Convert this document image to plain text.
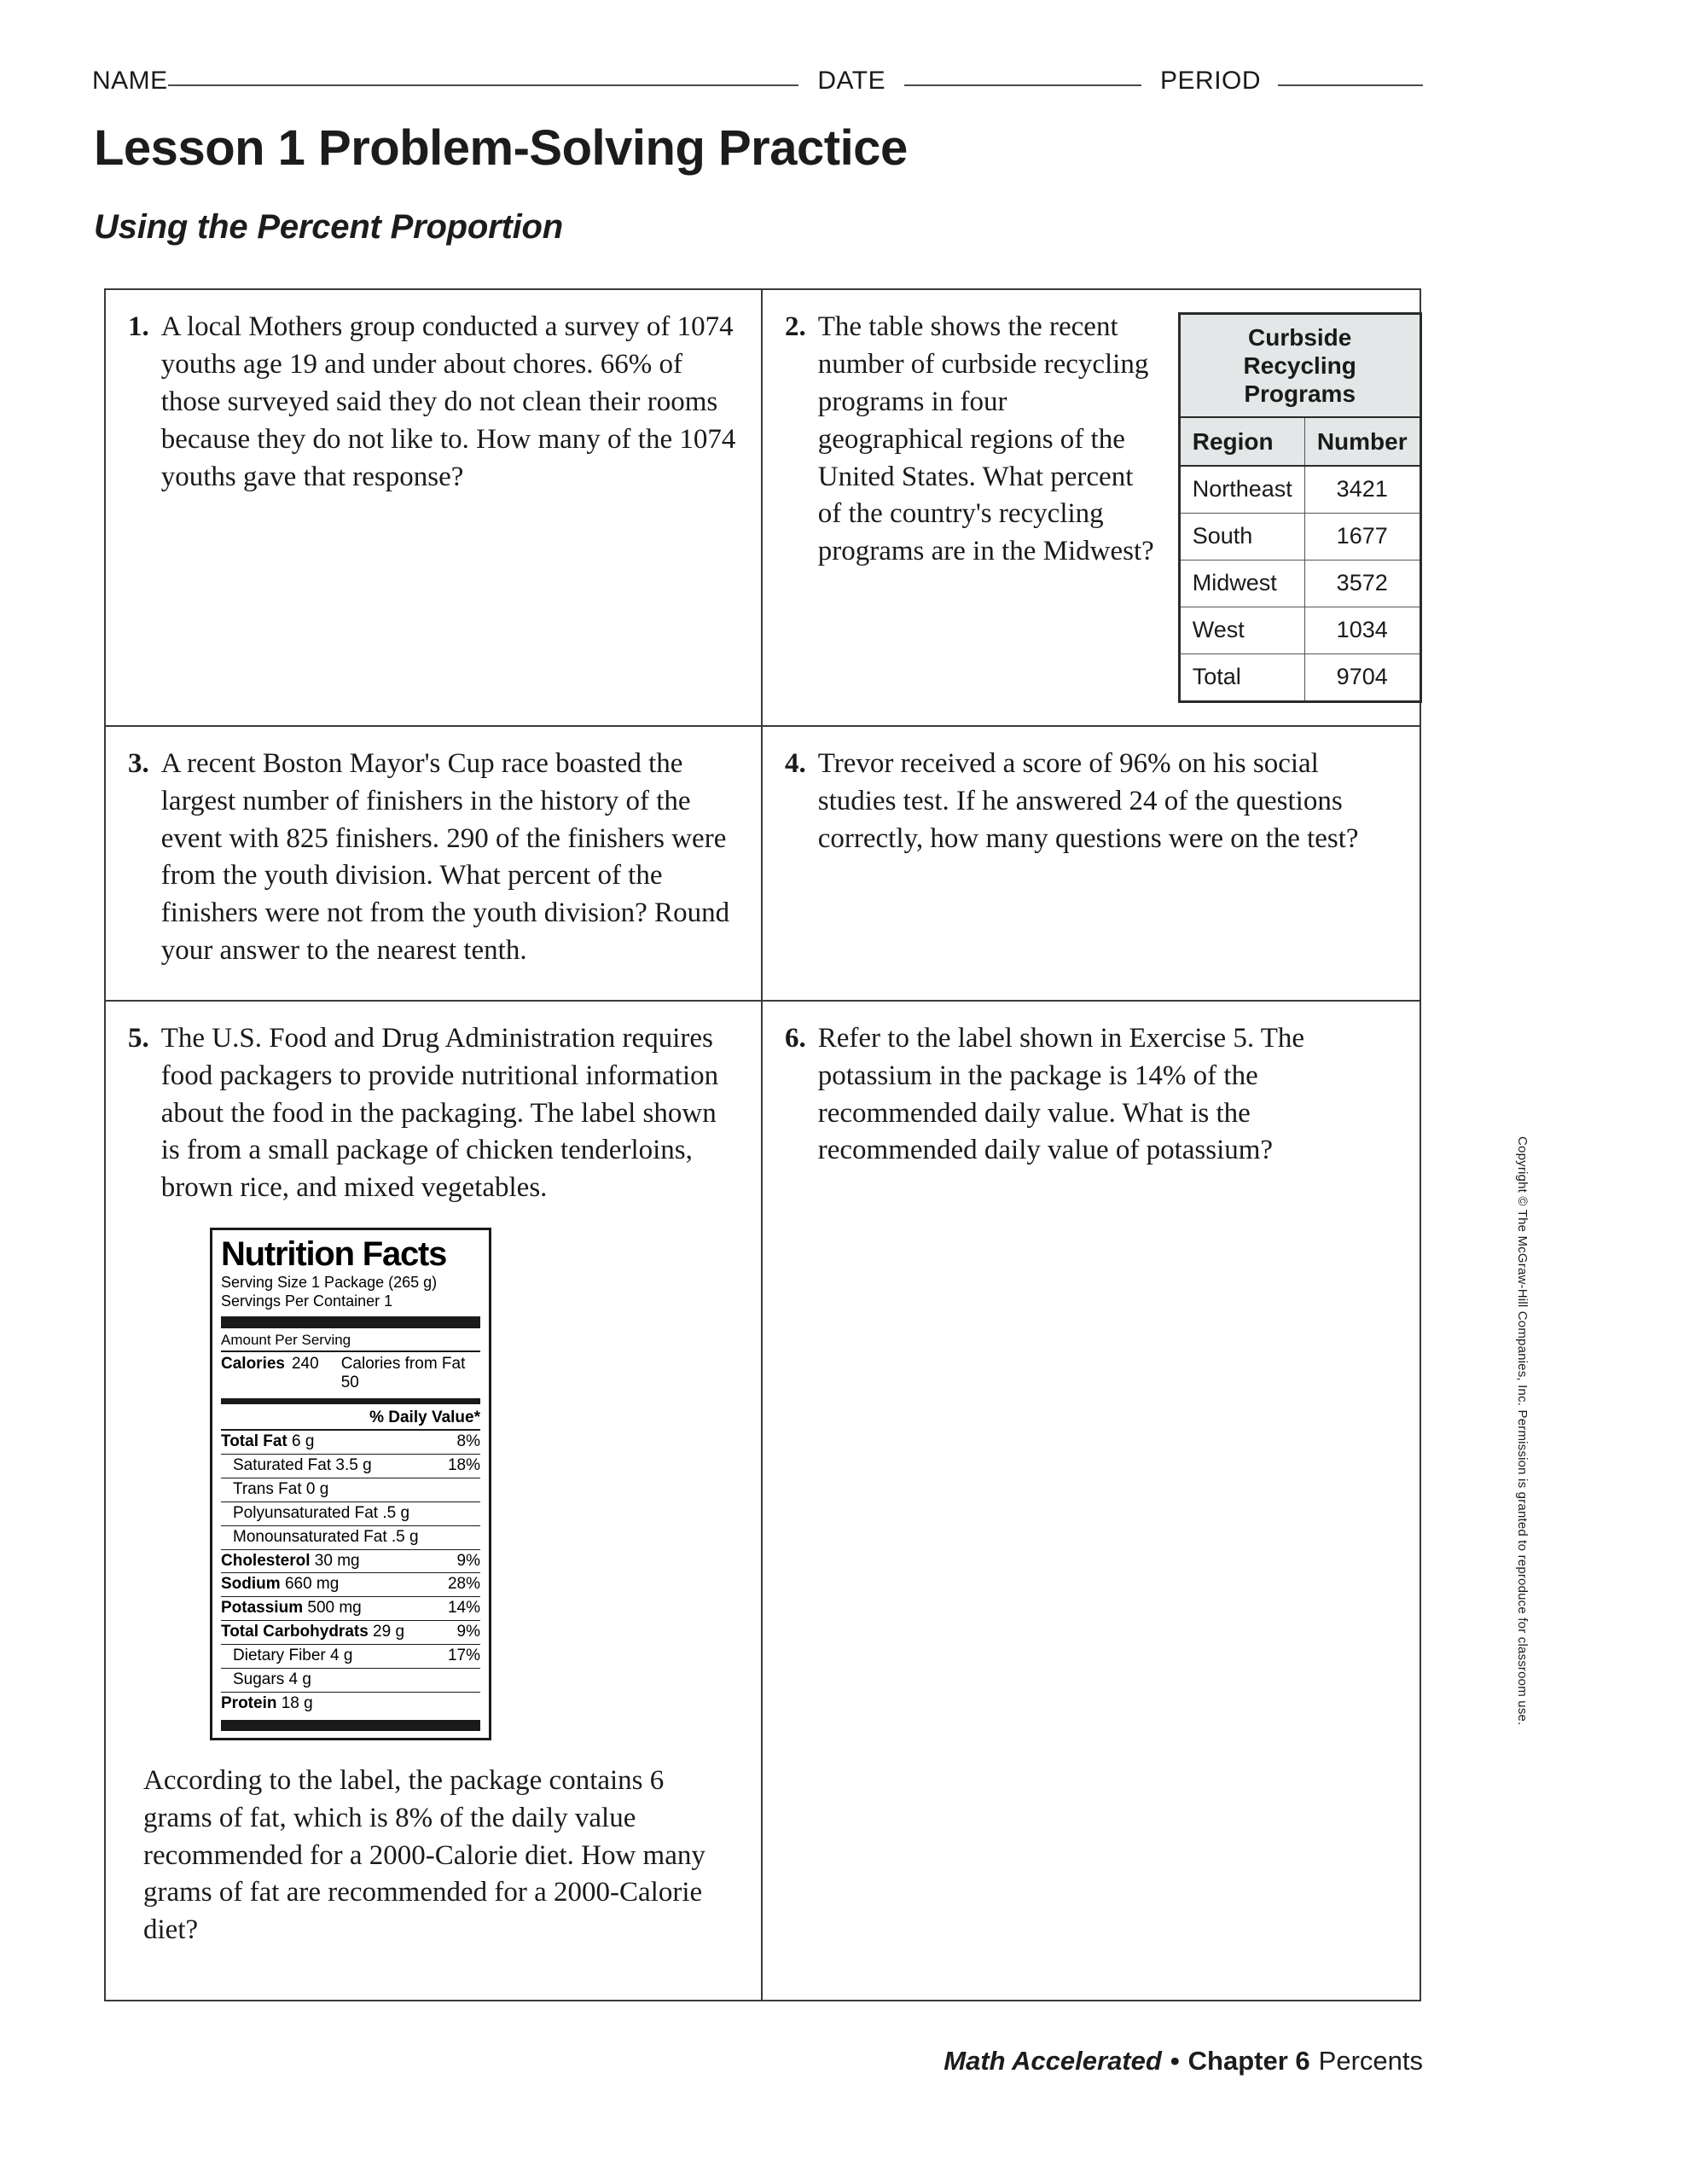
NAME	DATE	PERIOD
Lesson 1 Problem-Solving Practice
Using the Percent Proportion
1. A local Mothers group conducted a survey of 1074 youths age 19 and under about chores. 66% of those surveyed said they do not clean their rooms because they do not like to. How many of the 1074 youths gave that response?

2. The table shows the recent number of curbside recycling programs in four geographical regions of the United States. What percent of the country's recycling programs are in the Midwest?

Curbside Recycling Programs	
Region	Number
Northeast	3421
South	1677
Midwest	3572
West	1034
Total	9704
3. A recent Boston Mayor's Cup race boasted the largest number of finishers in the history of the event with 825 finishers. 290 of the finishers were from the youth division. What percent of the finishers were not from the youth division? Round your answer to the nearest tenth.

4. Trevor received a score of 96% on his social studies test. If he answered 24 of the questions correctly, how many questions were on the test?

5. The U.S. Food and Drug Administration requires food packagers to provide nutritional information about the food in the packaging. The label shown is from a small package of chicken tenderloins, brown rice, and mixed vegetables.

Nutrition Facts
Serving Size 1 Package (265 g)
Servings Per Container 1
Amount Per Serving
Calories 240 Calories from Fat 50
% Daily Value*
Total Fat 6 g	8%
Saturated Fat 3.5 g	18%
Trans Fat 0 g
Polyunsaturated Fat .5 g
Monounsaturated Fat .5 g
Cholesterol 30 mg	9%
Sodium 660 mg	28%
Potassium 500 mg	14%
Total Carbohydrats 29 g	9%
Dietary Fiber 4 g	17%
Sugars 4 g
Protein 18 g

According to the label, the package contains 6 grams of fat, which is 8% of the daily value recommended for a 2000-Calorie diet. How many grams of fat are recommended for a 2000-Calorie diet?

6. Refer to the label shown in Exercise 5. The potassium in the package is 14% of the recommended daily value. What is the recommended daily value of potassium?	Copyright © The McGraw-Hill Companies, Inc. Permission is granted to reproduce for classroom use.
Math Accelerated • Chapter 6 Percents
